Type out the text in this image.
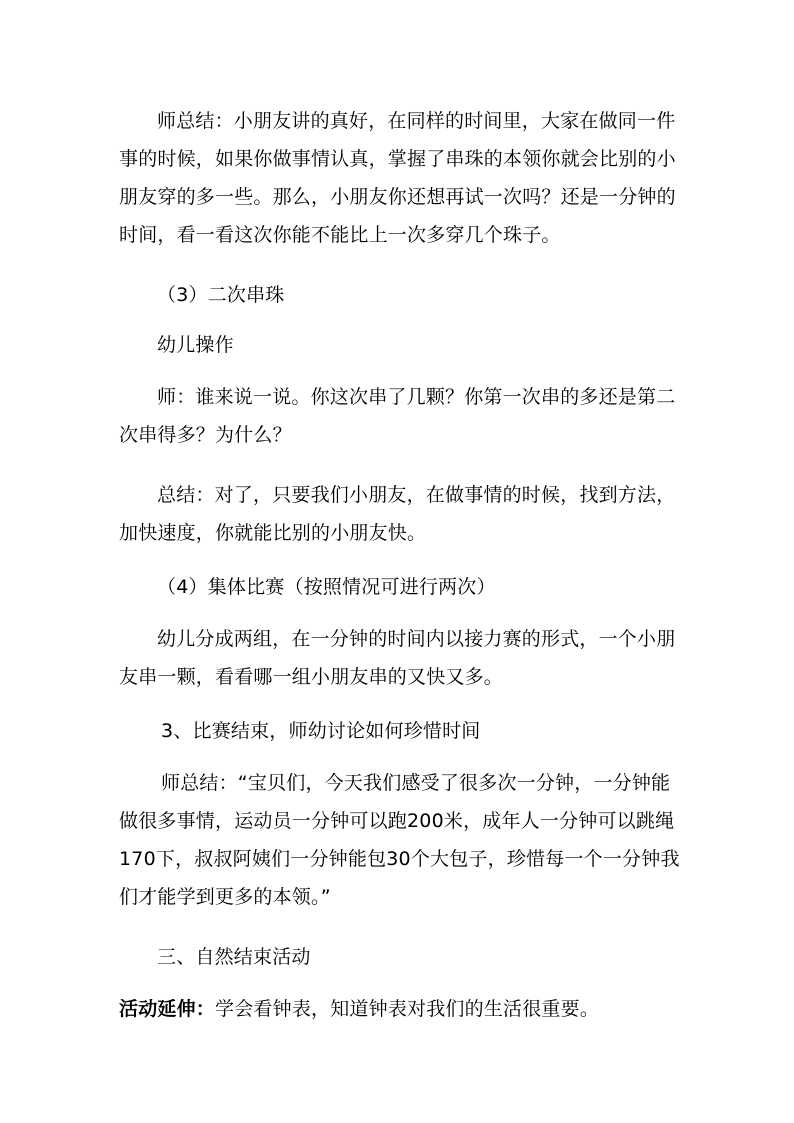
师总结：小朋友讲的真好，在同样的时间里，大家在做同一件事的时候，如果你做事情认真，掌握了串珠的本领你就会比别的小朋友穿的多一些。那么，小朋友你还想再试一次吗？还是一分钟的时间，看一看这次你能不能比上一次多穿几个珠子。

（3）二次串珠

幼儿操作

师：谁来说一说。你这次串了几颗？你第一次串的多还是第二次串得多？为什么？

总结：对了，只要我们小朋友，在做事情的时候，找到方法，加快速度，你就能比别的小朋友快。

（4）集体比赛（按照情况可进行两次）

幼儿分成两组，在一分钟的时间内以接力赛的形式，一个小朋友串一颗，看看哪一组小朋友串的又快又多。

3、比赛结束，师幼讨论如何珍惜时间

师总结：“宝贝们，今天我们感受了很多次一分钟，一分钟能做很多事情，运动员一分钟可以跑200米，成年人一分钟可以跳绳170下，叔叔阿姨们一分钟能包30个大包子，珍惜每一个一分钟我们才能学到更多的本领。”

三、自然结束活动

活动延伸：学会看钟表，知道钟表对我们的生活很重要。
